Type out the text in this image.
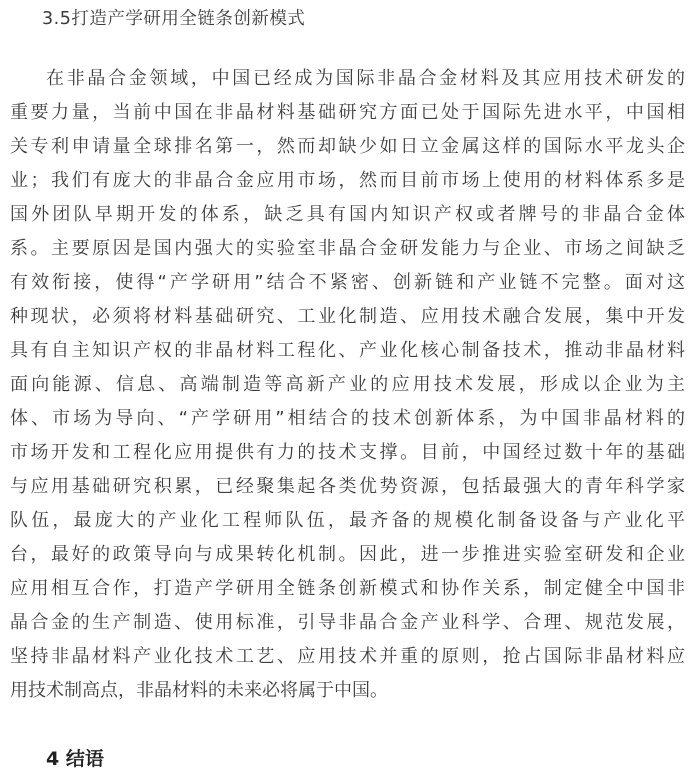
3.5打造产学研用全链条创新模式
在非晶合金领域，中国已经成为国际非晶合金材料及其应用技术研发的
重要力量，当前中国在非晶材料基础研究方面已处于国际先进水平，中国相
关专利申请量全球排名第一，然而却缺少如日立金属这样的国际水平龙头企
业；我们有庞大的非晶合金应用市场，然而目前市场上使用的材料体系多是
国外团队早期开发的体系，缺乏具有国内知识产权或者牌号的非晶合金体
系。主要原因是国内强大的实验室非晶合金研发能力与企业、市场之间缺乏
有效衔接，使得“产学研用”结合不紧密、创新链和产业链不完整。面对这
种现状，必须将材料基础研究、工业化制造、应用技术融合发展，集中开发
具有自主知识产权的非晶材料工程化、产业化核心制备技术，推动非晶材料
面向能源、信息、高端制造等高新产业的应用技术发展，形成以企业为主
体、市场为导向、“产学研用”相结合的技术创新体系，为中国非晶材料的
市场开发和工程化应用提供有力的技术支撑。目前，中国经过数十年的基础
与应用基础研究积累，已经聚集起各类优势资源，包括最强大的青年科学家
队伍，最庞大的产业化工程师队伍，最齐备的规模化制备设备与产业化平
台，最好的政策导向与成果转化机制。因此，进一步推进实验室研发和企业
应用相互合作，打造产学研用全链条创新模式和协作关系，制定健全中国非
晶合金的生产制造、使用标准，引导非晶合金产业科学、合理、规范发展，
坚持非晶材料产业化技术工艺、应用技术并重的原则，抢占国际非晶材料应
用技术制高点，非晶材料的未来必将属于中国。
4 结语
